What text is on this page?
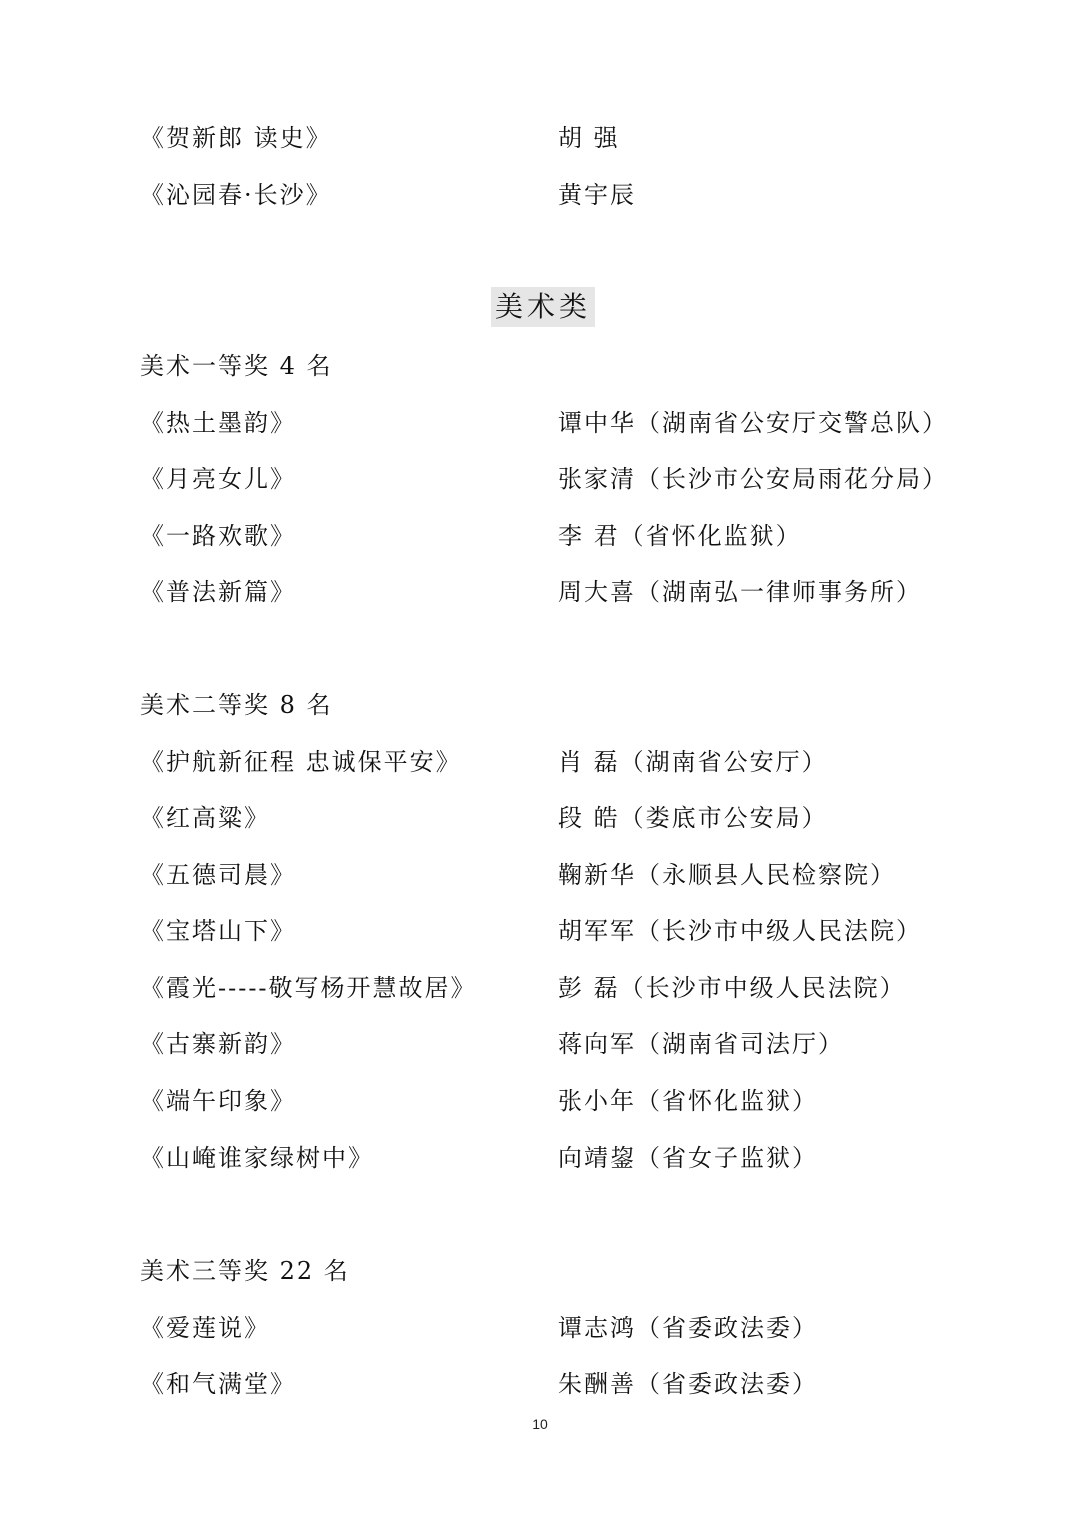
《贺新郎 读史》	胡 强
《沁园春·长沙》	黄宇辰
美术类
美术一等奖 4 名
《热土墨韵》	谭中华（湖南省公安厅交警总队）
《月亮女儿》	张家清（长沙市公安局雨花分局）
《一路欢歌》	李 君（省怀化监狱）
《普法新篇》	周大喜（湖南弘一律师事务所）
美术二等奖 8 名
《护航新征程 忠诚保平安》	肖 磊（湖南省公安厅）
《红高粱》	段 皓（娄底市公安局）
《五德司晨》	鞠新华（永顺县人民检察院）
《宝塔山下》	胡军军（长沙市中级人民法院）
《霞光-----敬写杨开慧故居》	彭 磊（长沙市中级人民法院）
《古寨新韵》	蒋向军（湖南省司法厅）
《端午印象》	张小年（省怀化监狱）
《山崦谁家绿树中》	向靖鋆（省女子监狱）
美术三等奖 22 名
《爱莲说》	谭志鸿（省委政法委）
《和气满堂》	朱酬善（省委政法委）
10
